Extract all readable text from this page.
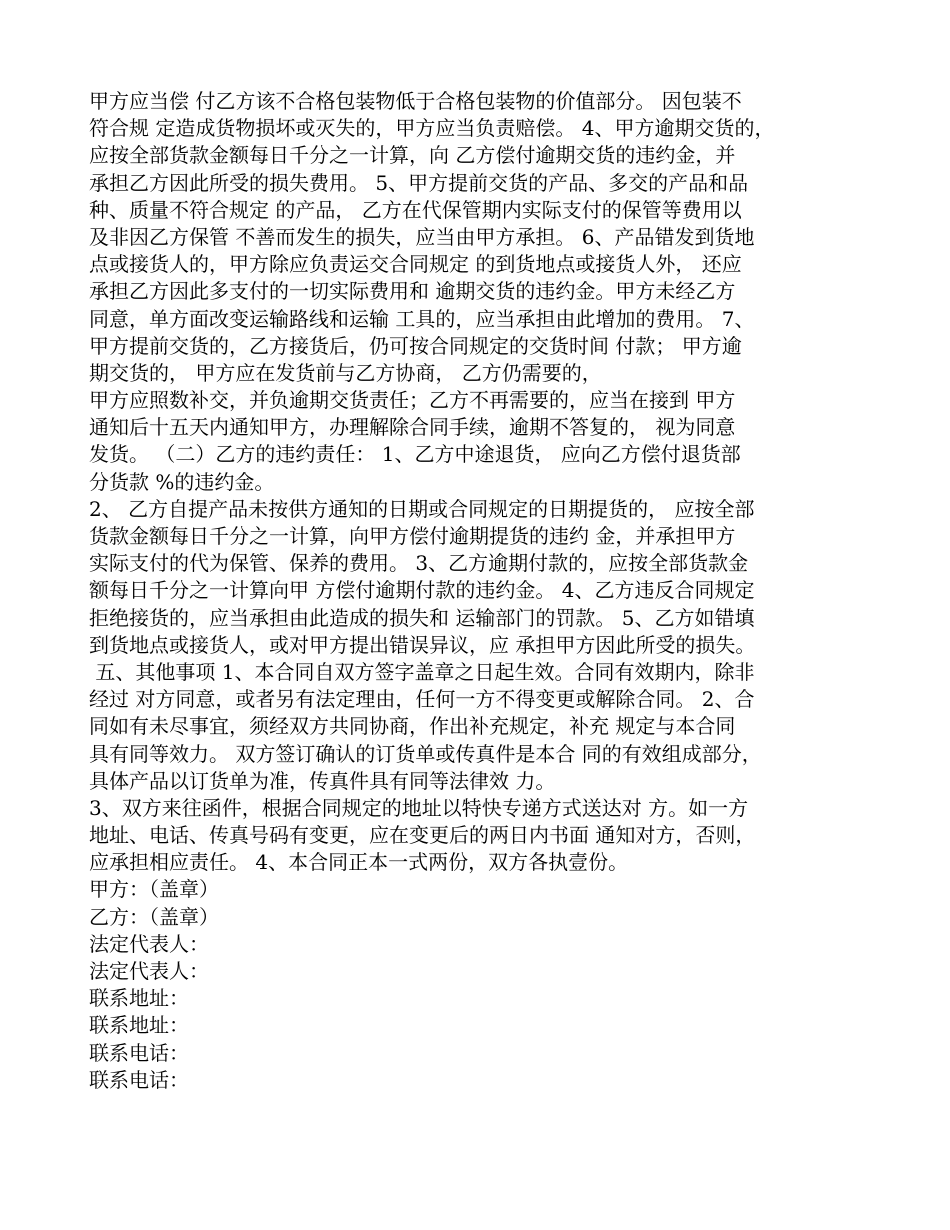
甲方应当偿 付乙方该不合格包装物低于合格包装物的价值部分。 因包装不
符合规 定造成货物损坏或灭失的，甲方应当负责赔偿。 4、甲方逾期交货的，
应按全部货款金额每日千分之一计算，向 乙方偿付逾期交货的违约金，并
承担乙方因此所受的损失费用。 5、甲方提前交货的产品、多交的产品和品
种、质量不符合规定 的产品， 乙方在代保管期内实际支付的保管等费用以
及非因乙方保管 不善而发生的损失，应当由甲方承担。 6、产品错发到货地
点或接货人的，甲方除应负责运交合同规定 的到货地点或接货人外， 还应
承担乙方因此多支付的一切实际费用和 逾期交货的违约金。甲方未经乙方
同意，单方面改变运输路线和运输 工具的，应当承担由此增加的费用。 7、
甲方提前交货的，乙方接货后，仍可按合同规定的交货时间 付款； 甲方逾
期交货的， 甲方应在发货前与乙方协商， 乙方仍需要的，
甲方应照数补交，并负逾期交货责任；乙方不再需要的，应当在接到 甲方
通知后十五天内通知甲方，办理解除合同手续，逾期不答复的， 视为同意
发货。 （二）乙方的违约责任： 1、乙方中途退货， 应向乙方偿付退货部
分货款 %的违约金。
2、 乙方自提产品未按供方通知的日期或合同规定的日期提货的， 应按全部
货款金额每日千分之一计算，向甲方偿付逾期提货的违约 金，并承担甲方
实际支付的代为保管、保养的费用。 3、乙方逾期付款的，应按全部货款金
额每日千分之一计算向甲 方偿付逾期付款的违约金。 4、乙方违反合同规定
拒绝接货的，应当承担由此造成的损失和 运输部门的罚款。 5、乙方如错填
到货地点或接货人，或对甲方提出错误异议，应 承担甲方因此所受的损失。
五、其他事项 1、本合同自双方签字盖章之日起生效。合同有效期内，除非
经过 对方同意，或者另有法定理由，任何一方不得变更或解除合同。 2、合
同如有未尽事宜，须经双方共同协商，作出补充规定，补充 规定与本合同
具有同等效力。 双方签订确认的订货单或传真件是本合 同的有效组成部分，
具体产品以订货单为准，传真件具有同等法律效 力。
3、双方来往函件，根据合同规定的地址以特快专递方式送达对 方。如一方
地址、电话、传真号码有变更，应在变更后的两日内书面 通知对方，否则，
应承担相应责任。 4、本合同正本一式两份，双方各执壹份。
甲方：（盖章）
乙方：（盖章）
法定代表人：
法定代表人：
联系地址：
联系地址：
联系电话：
联系电话：
